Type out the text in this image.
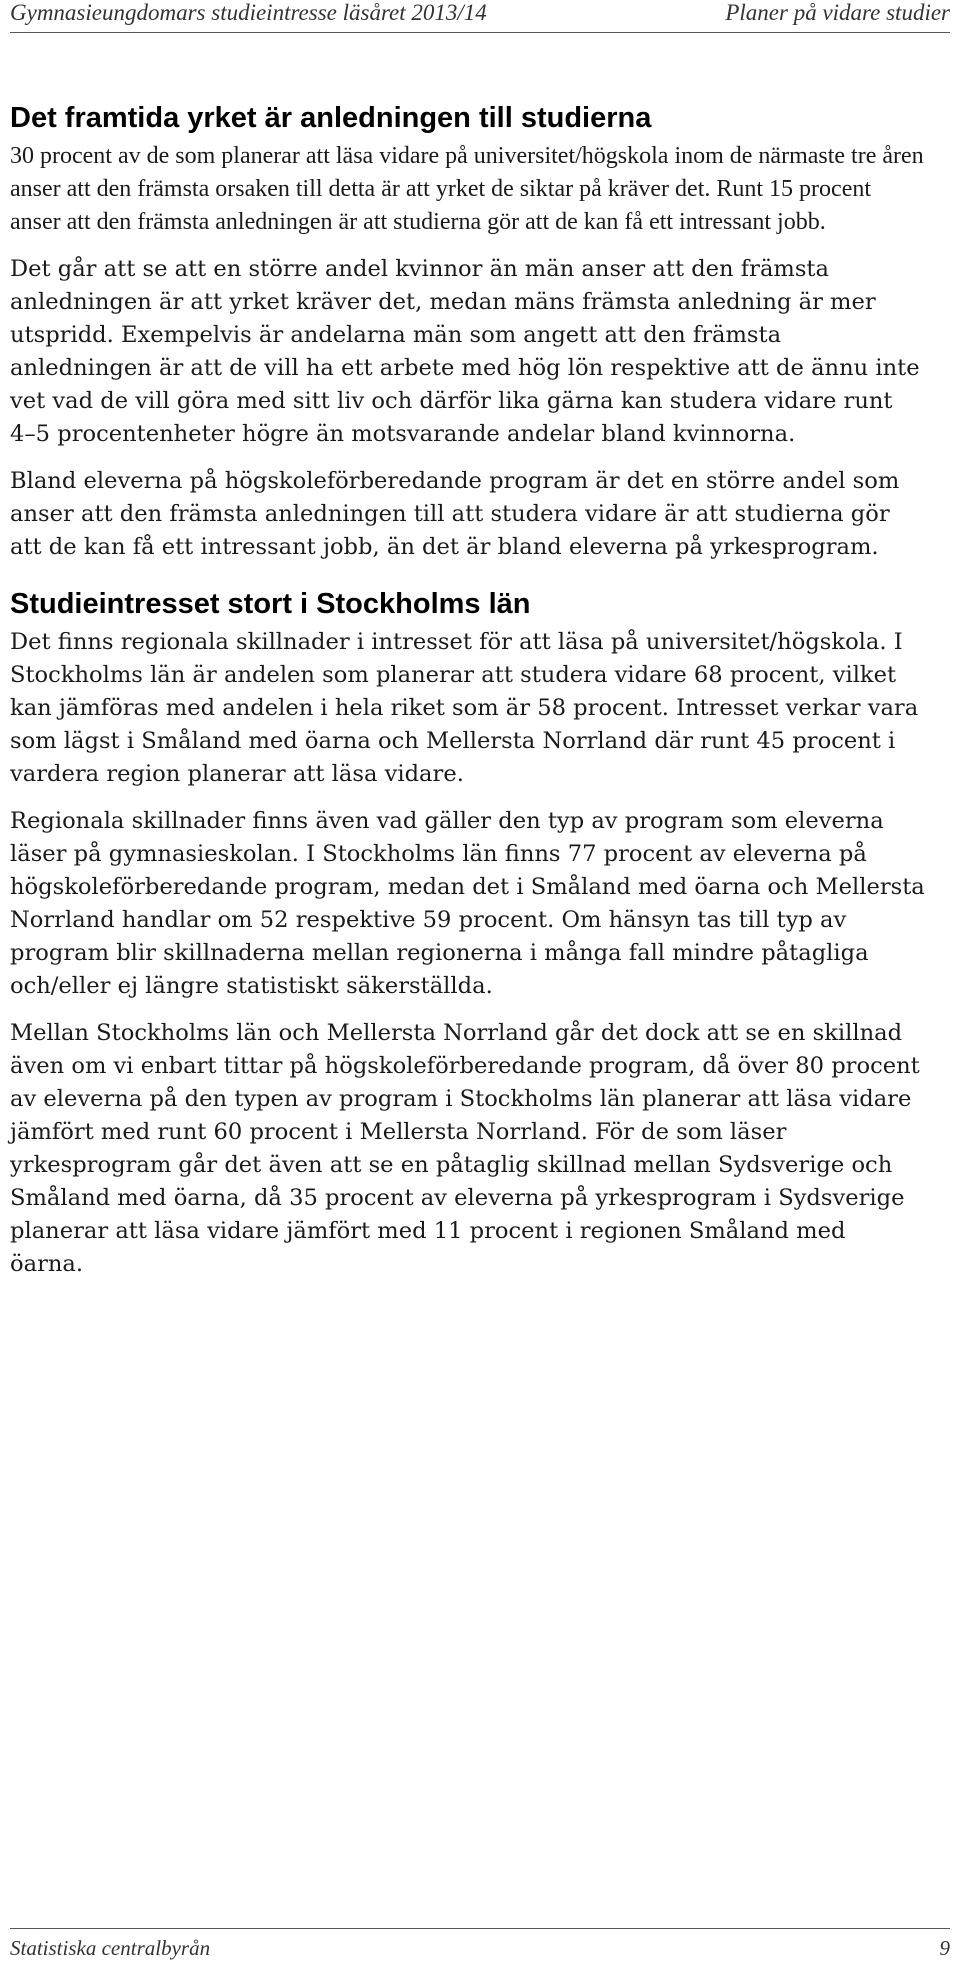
Gymnasieungdomars studieintresse läsåret 2013/14	Planer på vidare studier
Det framtida yrket är anledningen till studierna

30 procent av de som planerar att läsa vidare på universitet/högskola inom de närmaste tre åren anser att den främsta orsaken till detta är att yrket de siktar på kräver det. Runt 15 procent anser att den främsta anledningen är att studierna gör att de kan få ett intressant jobb.

Det går att se att en större andel kvinnor än män anser att den främsta anledningen är att yrket kräver det, medan mäns främsta anledning är mer utspridd. Exempelvis är andelarna män som angett att den främsta anledningen är att de vill ha ett arbete med hög lön respektive att de ännu inte vet vad de vill göra med sitt liv och därför lika gärna kan studera vidare runt 4–5 procentenheter högre än motsvarande andelar bland kvinnorna.

Bland eleverna på högskoleförberedande program är det en större andel som anser att den främsta anledningen till att studera vidare är att studierna gör att de kan få ett intressant jobb, än det är bland eleverna på yrkesprogram.

Studieintresset stort i Stockholms län

Det finns regionala skillnader i intresset för att läsa på universitet/högskola. I Stockholms län är andelen som planerar att studera vidare 68 procent, vilket kan jämföras med andelen i hela riket som är 58 procent. Intresset verkar vara som lägst i Småland med öarna och Mellersta Norrland där runt 45 procent i vardera region planerar att läsa vidare.

Regionala skillnader finns även vad gäller den typ av program som eleverna läser på gymnasieskolan. I Stockholms län finns 77 procent av eleverna på högskoleförberedande program, medan det i Småland med öarna och Mellersta Norrland handlar om 52 respektive 59 procent. Om hänsyn tas till typ av program blir skillnaderna mellan regionerna i många fall mindre påtagliga och/eller ej längre statistiskt säkerställda.

Mellan Stockholms län och Mellersta Norrland går det dock att se en skillnad även om vi enbart tittar på högskoleförberedande program, då över 80 procent av eleverna på den typen av program i Stockholms län planerar att läsa vidare jämfört med runt 60 procent i Mellersta Norrland. För de som läser yrkesprogram går det även att se en påtaglig skillnad mellan Sydsverige och Småland med öarna, då 35 procent av eleverna på yrkesprogram i Sydsverige planerar att läsa vidare jämfört med 11 procent i regionen Småland med öarna.

Statistiska centralbyrån	9
